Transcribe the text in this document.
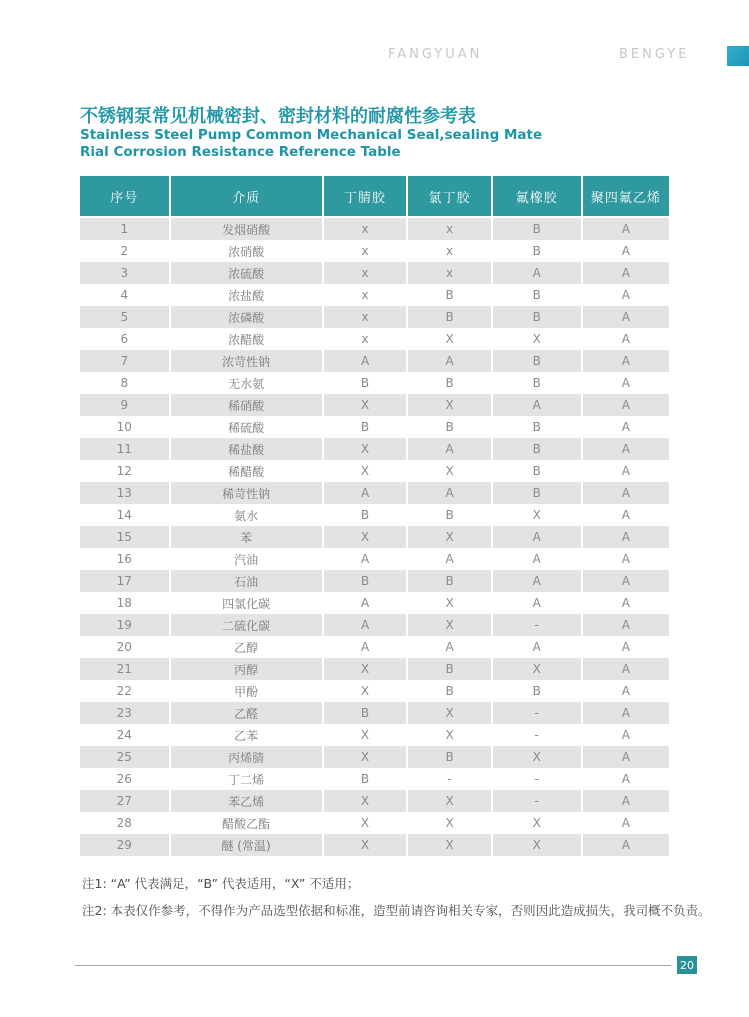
FANGYUAN	BENGYE
不锈钢泵常见机械密封、密封材料的耐腐性参考表
Stainless Steel Pump Common Mechanical Seal,sealing Mate
Rial Corrosion Resistance Reference Table
序号	介质	丁腈胶	氯丁胶	氟橡胶	聚四氟乙烯
1	发烟硝酸	x	x	B	A
2	浓硝酸	x	x	B	A
3	浓硫酸	x	x	A	A
4	浓盐酸	x	B	B	A
5	浓磷酸	x	B	B	A
6	浓醋酸	x	X	X	A
7	浓苛性钠	A	A	B	A
8	无水氨	B	B	B	A
9	稀硝酸	X	X	A	A
10	稀硫酸	B	B	B	A
11	稀盐酸	X	A	B	A
12	稀醋酸	X	X	B	A
13	稀苛性钠	A	A	B	A
14	氨水	B	B	X	A
15	苯	X	X	A	A
16	汽油	A	A	A	A
17	石油	B	B	A	A
18	四氯化碳	A	X	A	A
19	二硫化碳	A	X	-	A
20	乙醇	A	A	A	A
21	丙醇	X	B	X	A
22	甲酚	X	B	B	A
23	乙醛	B	X	-	A
24	乙苯	X	X	-	A
25	丙烯腈	X	B	X	A
26	丁二烯	B	-	-	A
27	苯乙烯	X	X	-	A
28	醋酸乙酯	X	X	X	A
29	醚 (常温)	X	X	X	A
注1: “A” 代表满足，“B” 代表适用，“X” 不适用；
注2: 本表仅作参考，不得作为产品选型依据和标准，造型前请咨询相关专家，否则因此造成损失，我司概不负责。
20
